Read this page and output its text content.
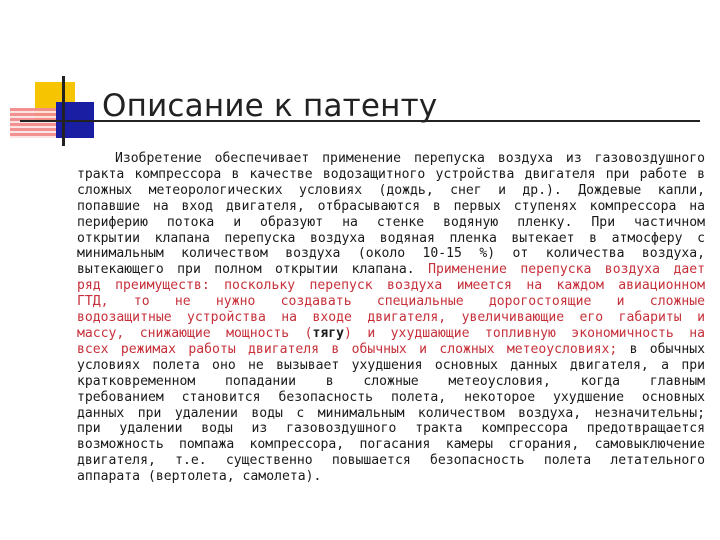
Описание к патенту
Изобретение обеспечивает применение перепуска воздуха из газовоздушного
тракта компрессора в качестве водозащитного устройства двигателя при работе в
сложных метеорологических условиях (дождь, снег и др.). Дождевые капли,
попавшие на вход двигателя, отбрасываются в первых ступенях компрессора на
периферию потока и образуют на стенке водяную пленку. При частичном
открытии клапана перепуска воздуха водяная пленка вытекает в атмосферу с
минимальным количеством воздуха (около 10-15 %) от количества воздуха,
вытекающего при полном открытии клапана. Применение перепуска воздуха дает
ряд преимуществ: поскольку перепуск воздуха имеется на каждом авиационном
ГТД, то не нужно создавать специальные дорогостоящие и сложные
водозащитные устройства на входе двигателя, увеличивающие его габариты и
массу, снижающие мощность (тягу) и ухудшающие топливную экономичность на
всех режимах работы двигателя в обычных и сложных метеоусловиях; в обычных
условиях полета оно не вызывает ухудшения основных данных двигателя, а при
кратковременном попадании в сложные метеоусловия, когда главным
требованием становится безопасность полета, некоторое ухудшение основных
данных при удалении воды с минимальным количеством воздуха, незначительны;
при удалении воды из газовоздушного тракта компрессора предотвращается
возможность помпажа компрессора, погасания камеры сгорания, самовыключение
двигателя, т.е. существенно повышается безопасность полета летательного
аппарата (вертолета, самолета).
